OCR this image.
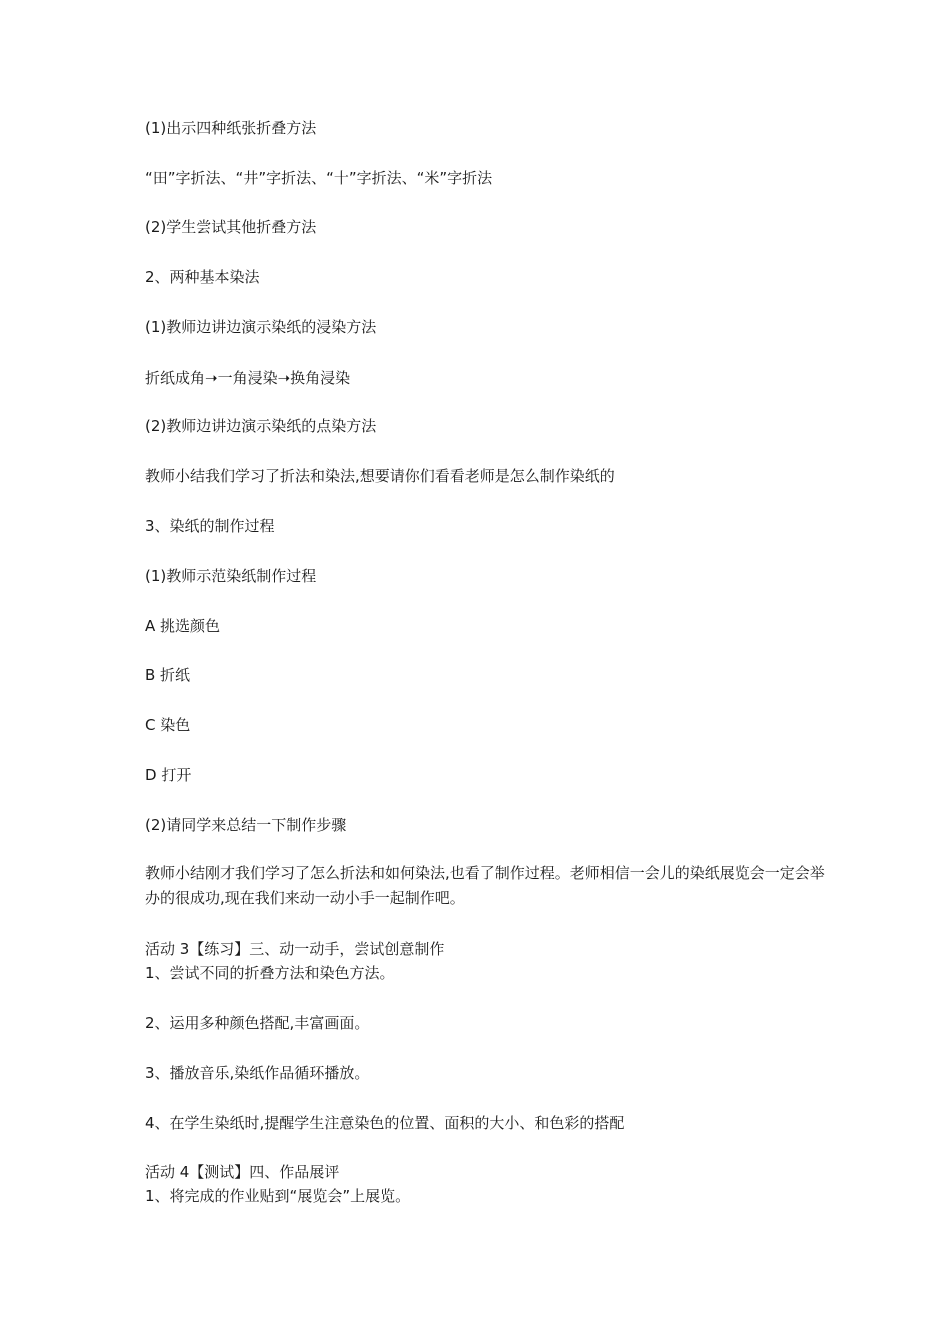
(1)出示四种纸张折叠方法
“田”字折法、“井”字折法、“十”字折法、“米”字折法
(2)学生尝试其他折叠方法
2、两种基本染法
(1)教师边讲边演示染纸的浸染方法
折纸成角➝一角浸染➝换角浸染
(2)教师边讲边演示染纸的点染方法
教师小结我们学习了折法和染法,想要请你们看看老师是怎么制作染纸的
3、染纸的制作过程
(1)教师示范染纸制作过程
A 挑选颜色
B 折纸
C 染色
D 打开
(2)请同学来总结一下制作步骤
教师小结刚才我们学习了怎么折法和如何染法,也看了制作过程。老师相信一会儿的染纸展览会一定会举办的很成功,现在我们来动一动小手一起制作吧。
活动 3【练习】三、动一动手，尝试创意制作
1、尝试不同的折叠方法和染色方法。
2、运用多种颜色搭配,丰富画面。
3、播放音乐,染纸作品循环播放。
4、在学生染纸时,提醒学生注意染色的位置、面积的大小、和色彩的搭配
活动 4【测试】四、作品展评
1、将完成的作业贴到“展览会”上展览。
